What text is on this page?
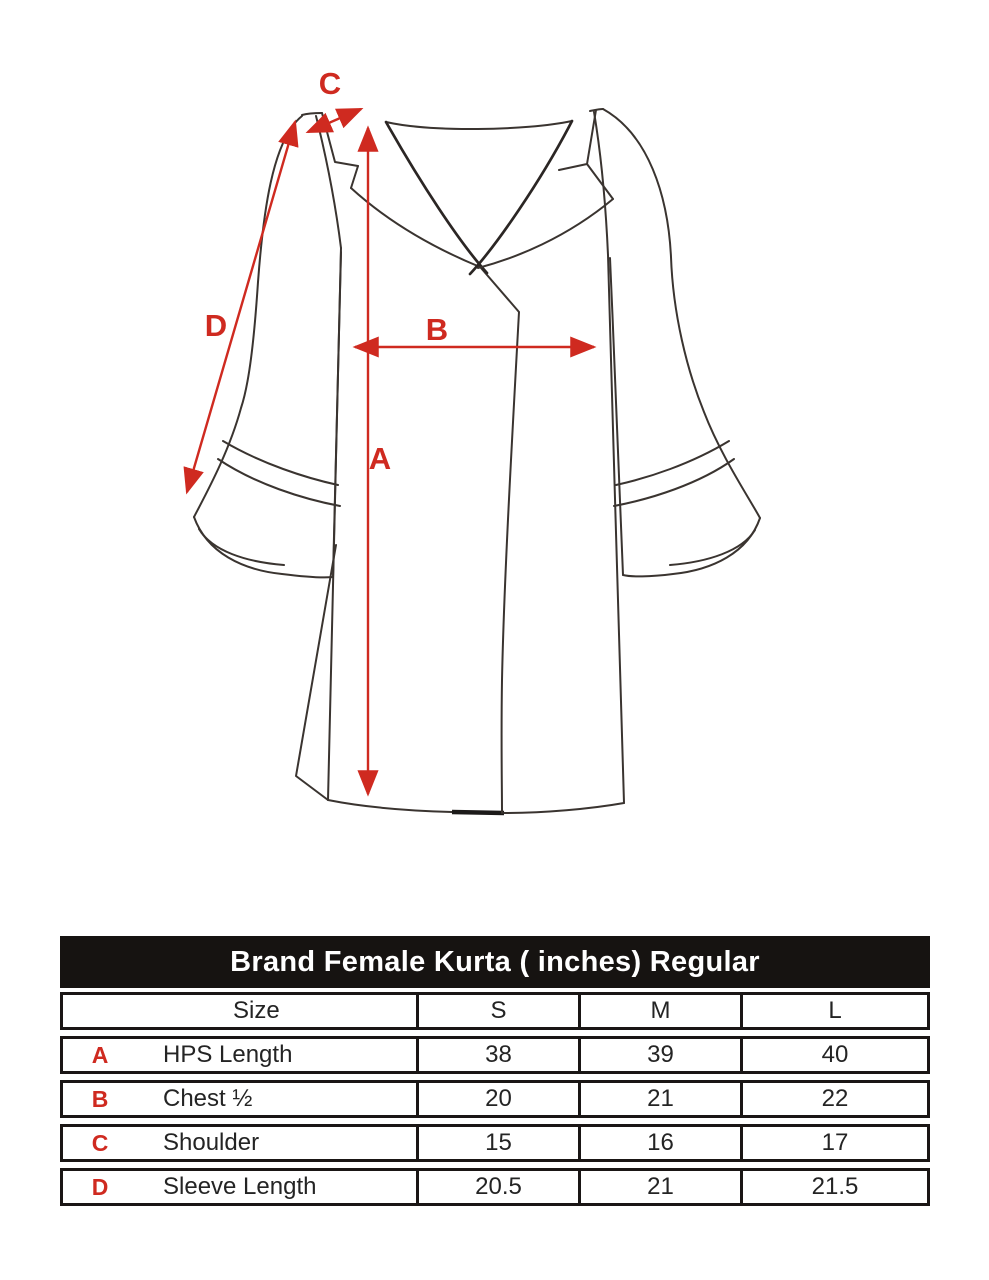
A
B
C
D
Brand Female Kurta ( inches) Regular
Size	S	M	L
A	HPS Length	38	39	40
B	Chest ½	20	21	22
C	Shoulder	15	16	17
D	Sleeve Length	20.5	21	21.5
